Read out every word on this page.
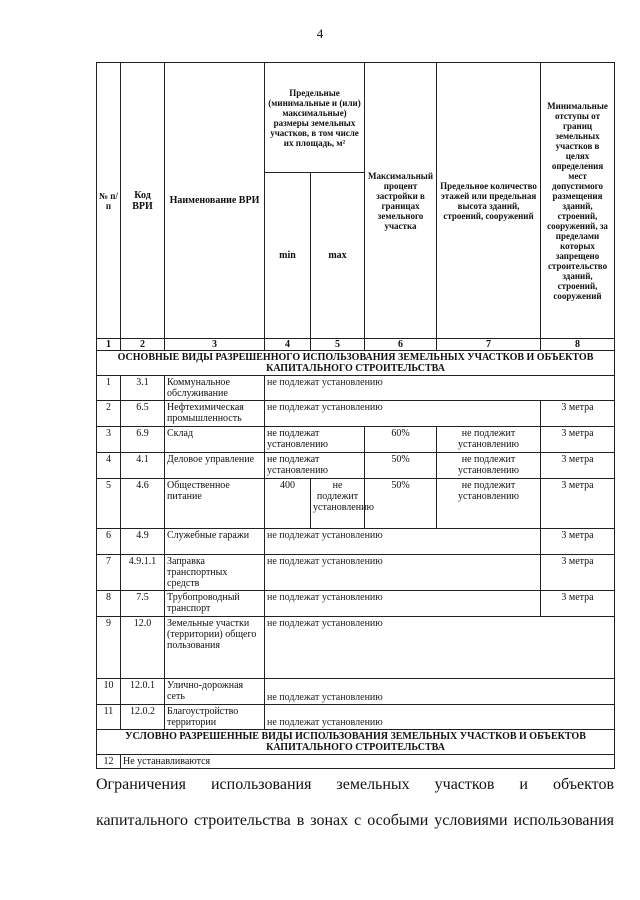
4
№ п/п	Код ВРИ	Наименование ВРИ	Предельные (минимальные и (или) максимальные) размеры земельных участков, в том числе их площадь, м²		Максимальный процент застройки в границах земельного участка	Предельное количество этажей или предельная высота зданий, строений, сооружений	Минимальные отступы от границ земельных участков в целях определения мест допустимого размещения зданий, строений, сооружений, за пределами которых запрещено строительство зданий, строений, сооружений
			min	max			
1	2	3	4	5	6	7	8
ОСНОВНЫЕ ВИДЫ РАЗРЕШЕННОГО ИСПОЛЬЗОВАНИЯ ЗЕМЕЛЬНЫХ УЧАСТКОВ И ОБЪЕКТОВ КАПИТАЛЬНОГО СТРОИТЕЛЬСТВА							
1	3.1	Коммунальное обслуживание	не подлежат установлению				
2	6.5	Нефтехимическая промышленность	не подлежат установлению				3 метра
3	6.9	Склад	не подлежат установлению		60%	не подлежит установлению	3 метра
4	4.1	Деловое управление	не подлежат установлению		50%	не подлежит установлению	3 метра
5	4.6	Общественное питание	400	не подлежит установлению	50%	не подлежит установлению	3 метра
6	4.9	Служебные гаражи	не подлежат установлению				3 метра
7	4.9.1.1	Заправка транспортных средств	не подлежат установлению				3 метра
8	7.5	Трубопроводный транспорт	не подлежат установлению				3 метра
9	12.0	Земельные участки (территории) общего пользования	не подлежат установлению				
10	12.0.1	Улично-дорожная сеть	не подлежат установлению				
11	12.0.2	Благоустройство территории	не подлежат установлению				
УСЛОВНО РАЗРЕШЕННЫЕ ВИДЫ ИСПОЛЬЗОВАНИЯ ЗЕМЕЛЬНЫХ УЧАСТКОВ И ОБЪЕКТОВ КАПИТАЛЬНОГО СТРОИТЕЛЬСТВА							
12	Не устанавливаются						
Ограничения использования земельных участков и объектов
капитального строительства в зонах с особыми условиями использования
